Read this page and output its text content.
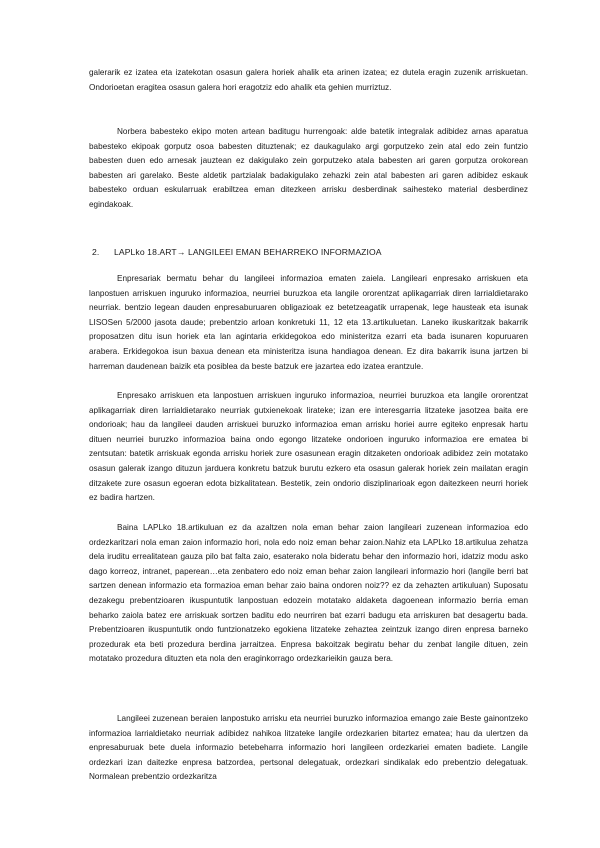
galerarik ez izatea eta izatekotan osasun galera horiek ahalik eta arinen izatea; ez dutela eragin zuzenik arriskuetan. Ondorioetan eragitea osasun galera hori eragotziz edo ahalik eta gehien murriztuz.

Norbera babesteko ekipo moten artean baditugu hurrengoak: alde batetik integralak adibidez arnas aparatua babesteko ekipoak gorputz osoa babesten dituztenak; ez daukagulako argi gorputzeko zein atal edo zein funtzio babesten duen edo arnesak jauztean ez dakigulako zein gorputzeko atala babesten ari garen gorputza orokorean babesten ari garelako. Beste aldetik partzialak badakigulako zehazki zein atal babesten ari garen adibidez eskauk babesteko orduan eskularruak erabiltzea eman ditezkeen arrisku desberdinak saihesteko material desberdinez egindakoak.

2. LAPLko 18.ART→ LANGILEEI EMAN BEHARREKO INFORMAZIOA

Enpresariak bermatu behar du langileei informazioa ematen zaiela. Langileari enpresako arriskuen eta lanpostuen arriskuen inguruko informazioa, neurriei buruzkoa eta langile ororentzat aplikagarriak diren larrialdietarako neurriak. bentzio legean dauden enpresaburuaren obligazioak ez betetzeagatik urrapenak, lege hausteak eta isunak LISOSen 5/2000 jasota daude; prebentzio arloan konkretuki 11, 12 eta 13.artikuluetan. Laneko ikuskaritzak bakarrik proposatzen ditu isun horiek eta lan agintaria erkidegokoa edo ministeritza ezarri eta bada isunaren kopuruaren arabera. Erkidegokoa isun baxua denean eta ministeritza isuna handiagoa denean. Ez dira bakarrik isuna jartzen bi harreman daudenean baizik eta posiblea da beste batzuk ere jazartea edo izatea erantzule.

Enpresako arriskuen eta lanpostuen arriskuen inguruko informazioa, neurriei buruzkoa eta langile ororentzat aplikagarriak diren larrialdietarako neurriak gutxienekoak lirateke; izan ere interesgarria litzateke jasotzea baita ere ondorioak; hau da langileei dauden arriskuei buruzko informazioa eman arrisku horiei aurre egiteko enpresak hartu dituen neurriei buruzko informazioa baina ondo egongo litzateke ondorioen inguruko informazioa ere ematea bi zentsutan: batetik arriskuak egonda arrisku horiek zure osasunean eragin ditzaketen ondorioak adibidez zein motatako osasun galerak izango dituzun jarduera konkretu batzuk burutu ezkero eta osasun galerak horiek zein mailatan eragin ditzakete zure osasun egoeran edota bizkalitatean. Bestetik, zein ondorio disziplinarioak egon daitezkeen neurri horiek ez badira hartzen.

Baina LAPLko 18.artikuluan ez da azaltzen nola eman behar zaion langileari zuzenean informazioa edo ordezkaritzari nola eman zaion informazio hori, nola edo noiz eman behar zaion.Nahiz eta LAPLko 18.artikulua zehatza dela iruditu errealitatean gauza pilo bat falta zaio, esaterako nola bideratu behar den informazio hori, idatziz modu asko dago korreoz, intranet, paperean…eta zenbatero edo noiz eman behar zaion langileari informazio hori (langile berri bat sartzen denean informazio eta formazioa eman behar zaio baina ondoren noiz?? ez da zehazten artikuluan) Suposatu dezakegu prebentzioaren ikuspuntutik lanpostuan edozein motatako aldaketa dagoenean informazio berria eman beharko zaiola batez ere arriskuak sortzen baditu edo neurriren bat ezarri badugu eta arriskuren bat desagertu bada. Prebentzioaren ikuspuntutik ondo funtzionatzeko egokiena litzateke zehaztea zeintzuk izango diren enpresa barneko prozedurak eta beti prozedura berdina jarraitzea. Enpresa bakoitzak begiratu behar du zenbat langile dituen, zein motatako prozedura dituzten eta nola den eraginkorrago ordezkarieikin gauza bera.

Langileei zuzenean beraien lanpostuko arrisku eta neurriei buruzko informazioa emango zaie Beste gainontzeko informazioa larrialdietako neurriak adibidez nahikoa litzateke langile ordezkarien bitartez ematea; hau da ulertzen da enpresaburuak bete duela informazio betebeharra informazio hori langileen ordezkariei ematen badiete. Langile ordezkari izan daitezke enpresa batzordea, pertsonal delegatuak, ordezkari sindikalak edo prebentzio delegatuak. Normalean prebentzio ordezkaritza
